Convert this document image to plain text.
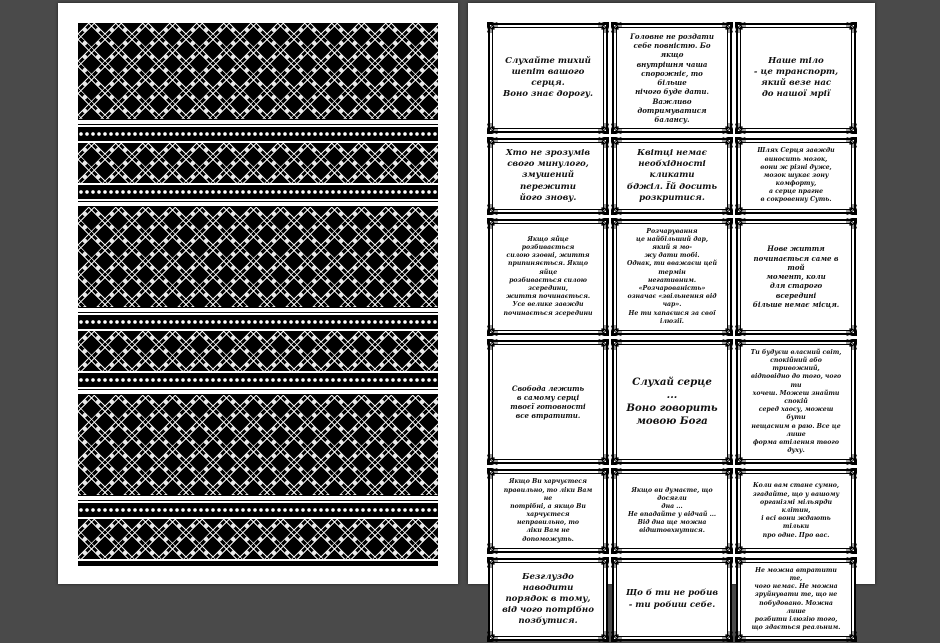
Слухайте тихий
шепіт вашого серця.
Воно знає дорогу.
Головне не роздати
себе повністю. Бо якщо
внутрішня чаша
спорожніє, то більше
нічого буде дати. Важливо
дотримуватися балансу.
Наше тіло
- це транспорт,
який везе нас
до нашої мрії
Хто не зрозумів
свого минулого,
змушений пережити
його знову.
Квітці немає
необхідності кликати
бджіл. Їй досить
розкритися.
Шлях Серця завжди
виносить мозок,
вони ж різні дуже,
мозок шукає зону комфорту,
а серце прагне
в сокровенну Суть.
Якщо яйце розбивається
силою ззовні, життя
припиняється. Якщо яйце
розбивається силою зсередини,
життя починається.
Усе велике завжди
починається зсередини
Розчарування
це найбільший дар, який я мо-
жу дати тобі.
Однак, ти вважаєш цей термін
негативним. «Розчарованість»
означає «звільнення від чар».
Не ти хапаєшся за свої ілюзії.
Нове життя
починається саме в той
момент, коли
для старого всередині
більше немає місця.
Свобода лежить
в самому серці
твоєї готовності
все втратити.
Слухай серце ...
Воно говорить
мовою Бога
Ти будуєш власний світ,
спокійний або тривожний,
відповідно до того, чого ти
хочеш. Можеш знайти спокій
серед хаосу, можеш бути
нещасним в раю. Все це лише
форма втілення твого духу.
Якщо Ви харчуєтеся
правильно, то ліки Вам не
потрібні, а якщо Ви
харчуєтеся неправильно, то
ліки Вам не допоможуть.
Якщо ви думаєте, що досягли
дна ...
Не впадайте у відчай ...
Від дна ще можна
відштовхнутися.
Коли вам стане сумно,
згадайте, що у вашому
організмі мільярди клітин,
і всі вони ждають тільки
про одне. Про вас.
Безглуздо наводити
порядок в тому,
від чого потрібно
позбутися.
Що б ти не робив
- ти робиш себе.
Не можна втратити те,
чого немає. Не можна
зруйнувати те, що не
побудовано. Можна лише
розбити ілюзію того,
що здається реальним.
